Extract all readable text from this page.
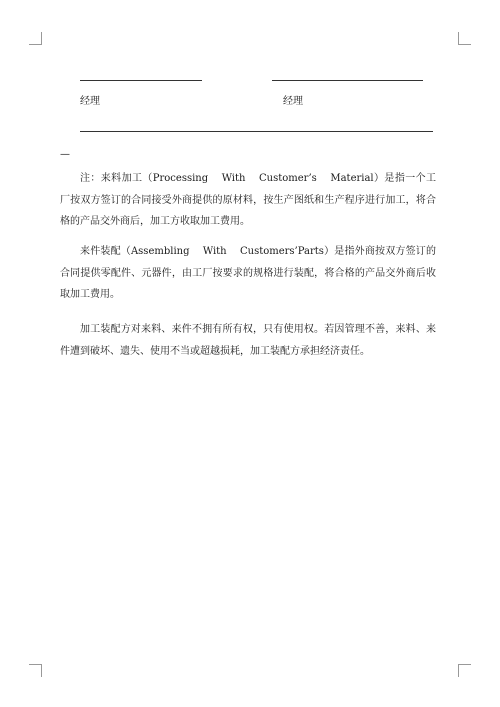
经理	经理
—

注：来料加工（Processing With Customer’s Material）是指一个工厂按双方签订的合同接受外商提供的原材料，按生产图纸和生产程序进行加工，将合格的产品交外商后，加工方收取加工费用。

来件装配（Assembling With Customers’Parts）是指外商按双方签订的合同提供零配件、元器件，由工厂按要求的规格进行装配，将合格的产品交外商后收取加工费用。

加工装配方对来料、来件不拥有所有权，只有使用权。若因管理不善，来料、来件遭到破坏、遗失、使用不当或超越损耗，加工装配方承担经济责任。
